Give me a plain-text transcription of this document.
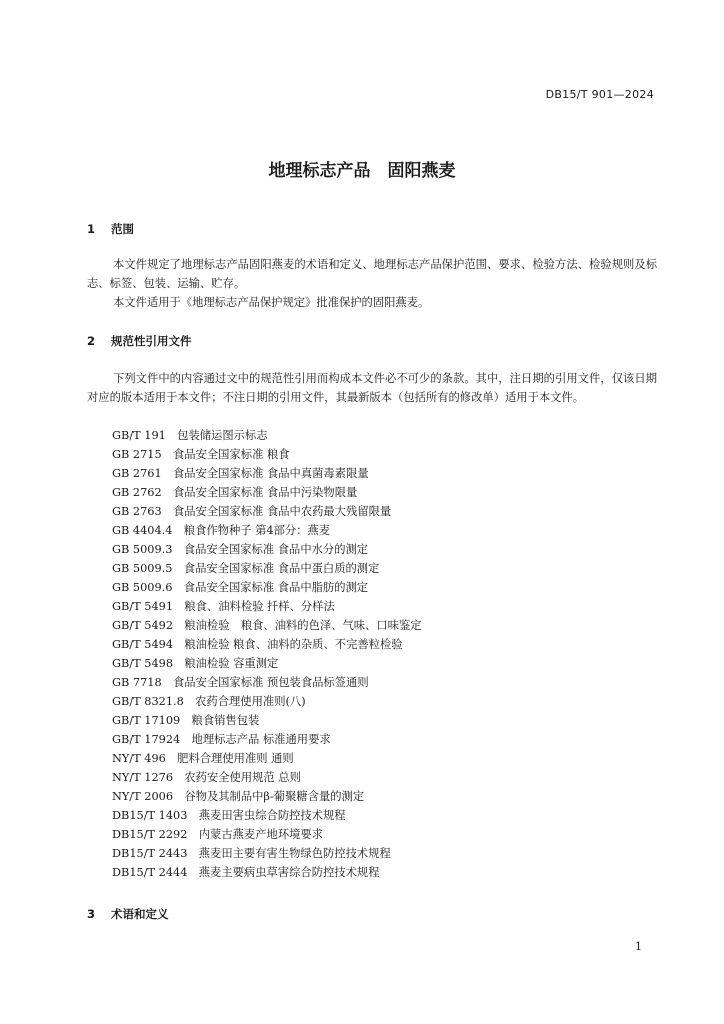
DB15/T 901—2024
地理标志产品　固阳燕麦
1 范围
本文件规定了地理标志产品固阳燕麦的术语和定义、地理标志产品保护范围、要求、检验方法、检验规则及标志、标签、包装、运输、贮存。
本文件适用于《地理标志产品保护规定》批准保护的固阳燕麦。
2 规范性引用文件
下列文件中的内容通过文中的规范性引用而构成本文件必不可少的条款。其中，注日期的引用文件，仅该日期对应的版本适用于本文件；不注日期的引用文件，其最新版本（包括所有的修改单）适用于本文件。
GB/T 191　 包装储运图示标志
GB 2715　 食品安全国家标准 粮食
GB 2761　 食品安全国家标准 食品中真菌毒素限量
GB 2762　 食品安全国家标准 食品中污染物限量
GB 2763　 食品安全国家标准 食品中农药最大残留限量
GB 4404.4　 粮食作物种子 第4部分：燕麦
GB 5009.3　 食品安全国家标准 食品中水分的测定
GB 5009.5　 食品安全国家标准 食品中蛋白质的测定
GB 5009.6　 食品安全国家标准 食品中脂肪的测定
GB/T 5491　 粮食、油料检验 扦样、分样法
GB/T 5492　 粮油检验　粮食、油料的色泽、气味、口味鉴定
GB/T 5494　 粮油检验 粮食、油料的杂质、不完善粒检验
GB/T 5498　 粮油检验 容重测定
GB 7718　 食品安全国家标准 预包装食品标签通则
GB/T 8321.8　 农药合理使用准则(八)
GB/T 17109　 粮食销售包装
GB/T 17924　 地理标志产品 标准通用要求
NY/T 496　 肥料合理使用准则 通则
NY/T 1276　 农药安全使用规范 总则
NY/T 2006　 谷物及其制品中β-葡聚糖含量的测定
DB15/T 1403　 燕麦田害虫综合防控技术规程
DB15/T 2292　 内蒙古燕麦产地环境要求
DB15/T 2443　 燕麦田主要有害生物绿色防控技术规程
DB15/T 2444　 燕麦主要病虫草害综合防控技术规程
3 术语和定义
1
